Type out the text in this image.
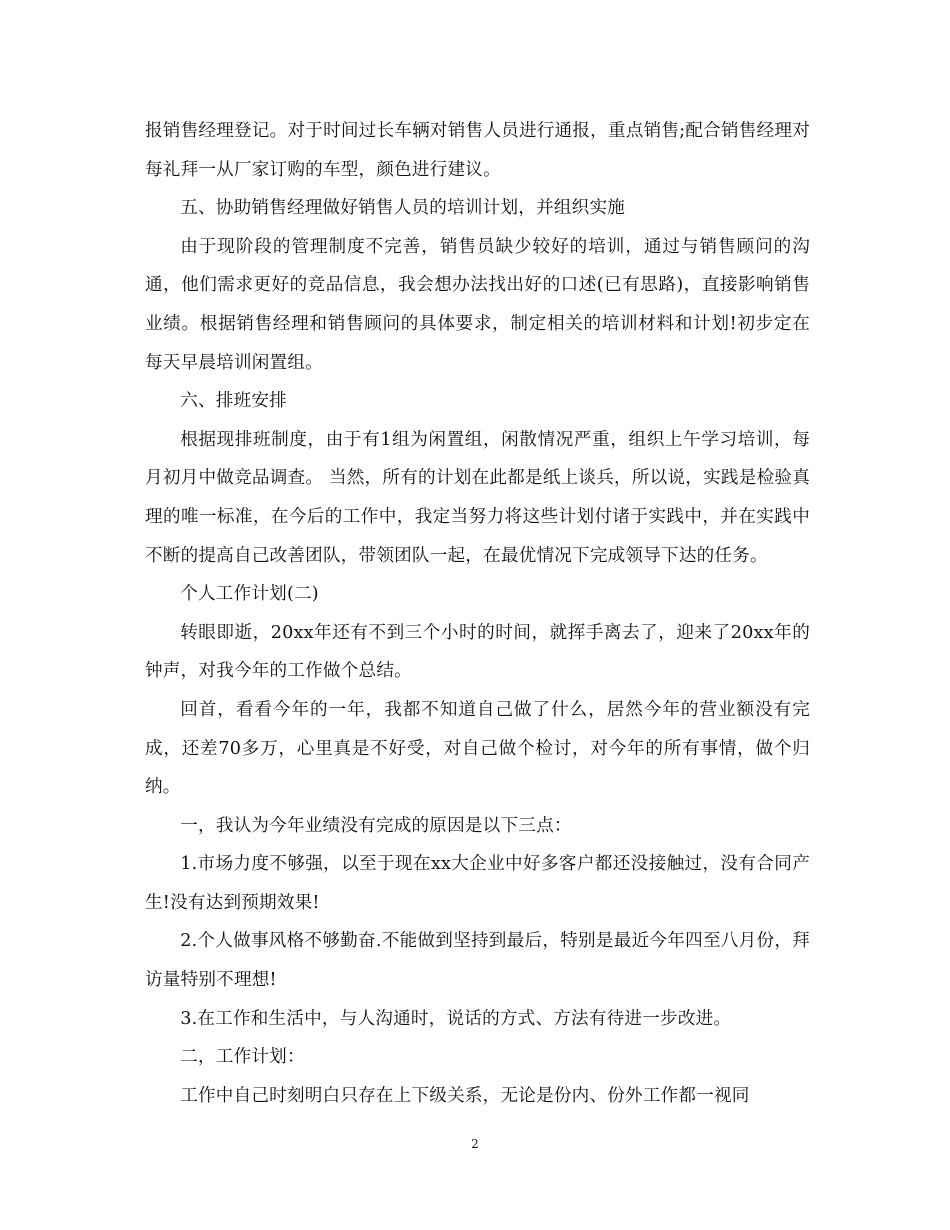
报销售经理登记。对于时间过长车辆对销售人员进行通报，重点销售;配合销售经理对每礼拜一从厂家订购的车型，颜色进行建议。

五、协助销售经理做好销售人员的培训计划，并组织实施

由于现阶段的管理制度不完善，销售员缺少较好的培训，通过与销售顾问的沟通，他们需求更好的竞品信息，我会想办法找出好的口述(已有思路)，直接影响销售业绩。根据销售经理和销售顾问的具体要求，制定相关的培训材料和计划!初步定在每天早晨培训闲置组。

六、排班安排

根据现排班制度，由于有1组为闲置组，闲散情况严重，组织上午学习培训，每月初月中做竞品调查。 当然，所有的计划在此都是纸上谈兵，所以说，实践是检验真理的唯一标准，在今后的工作中，我定当努力将这些计划付诸于实践中，并在实践中不断的提高自己改善团队，带领团队一起，在最优情况下完成领导下达的任务。

个人工作计划(二)

转眼即逝，20xx年还有不到三个小时的时间，就挥手离去了，迎来了20xx年的钟声，对我今年的工作做个总结。

回首，看看今年的一年，我都不知道自己做了什么，居然今年的营业额没有完成，还差70多万，心里真是不好受，对自己做个检讨，对今年的所有事情，做个归纳。

一，我认为今年业绩没有完成的原因是以下三点：

1.市场力度不够强，以至于现在xx大企业中好多客户都还没接触过，没有合同产生!没有达到预期效果!

2.个人做事风格不够勤奋.不能做到坚持到最后，特别是最近今年四至八月份，拜访量特别不理想!

3.在工作和生活中，与人沟通时，说话的方式、方法有待进一步改进。

二，工作计划：

工作中自己时刻明白只存在上下级关系，无论是份内、份外工作都一视同

2
